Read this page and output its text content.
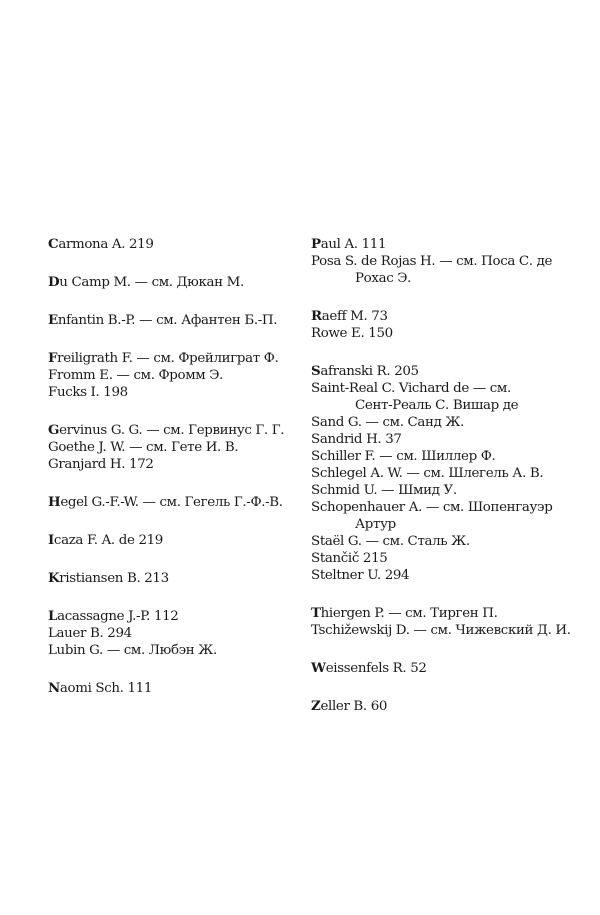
Carmona A. 219
Du Camp M. — см. Дюкан М.
Enfantin B.-P. — см. Афантен Б.-П.
Freiligrath F. — см. Фрейлиграт Ф.
Fromm E. — см. Фромм Э.
Fucks I. 198
Gervinus G. G. — см. Гервинус Г. Г.
Goethe J. W. — см. Гете И. В.
Granjard H. 172
Hegel G.-F.-W. — см. Гегель Г.-Ф.-В.
Icaza F. A. de 219
Kristiansen B. 213
Lacassagne J.-P. 112
Lauer B. 294
Lubin G. — см. Любэн Ж.
Naomi Sch. 111
Paul A. 111
Posa S. de Rojas H. — см. Поса С. де
Рохас Э.
Raeff M. 73
Rowe E. 150
Safranski R. 205
Saint-Real C. Vichard de — см.
Сент-Реаль С. Вишар де
Sand G. — см. Санд Ж.
Sandrid H. 37
Schiller F. — см. Шиллер Ф.
Schlegel A. W. — см. Шлегель А. В.
Schmid U. — Шмид У.
Schopenhauer A. — см. Шопенгауэр
Артур
Staël G. — см. Сталь Ж.
Stančič 215
Steltner U. 294
Thiergen P. — см. Тирген П.
Tschižewskij D. — см. Чижевский Д. И.
Weissenfels R. 52
Zeller B. 60
